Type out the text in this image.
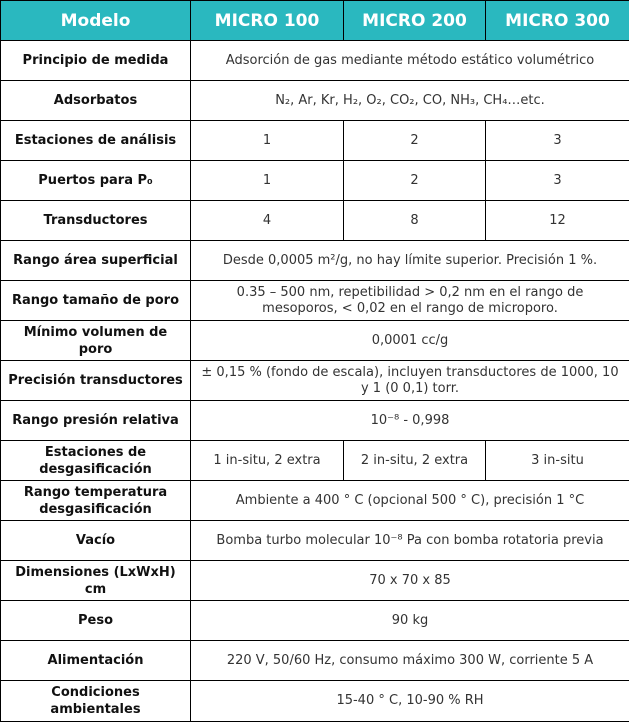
Modelo	MICRO 100	MICRO 200	MICRO 300
Principio de medida	Adsorción de gas mediante método estático volumétrico		
Adsorbatos	N₂, Ar, Kr, H₂, O₂, CO₂, CO, NH₃, CH₄…etc.		
Estaciones de análisis	1	2	3
Puertos para P₀	1	2	3
Transductores	4	8	12
Rango área superficial	Desde 0,0005 m²/g, no hay límite superior. Precisión 1 %.		
Rango tamaño de poro	0.35 – 500 nm, repetibilidad > 0,2 nm en el rango de mesoporos, < 0,02 en el rango de microporo.		
Mínimo volumen de poro	0,0001 cc/g		
Precisión transductores	± 0,15 % (fondo de escala), incluyen transductores de 1000, 10 y 1 (0 0,1) torr.		
Rango presión relativa	10⁻⁸ - 0,998		
Estaciones de desgasificación	1 in-situ, 2 extra	2 in-situ, 2 extra	3 in-situ
Rango temperatura desgasificación	Ambiente a 400 ° C (opcional 500 ° C), precisión 1 °C		
Vacío	Bomba turbo molecular 10⁻⁸ Pa con bomba rotatoria previa		
Dimensiones (LxWxH) cm	70 x 70 x 85		
Peso	90 kg		
Alimentación	220 V, 50/60 Hz, consumo máximo 300 W, corriente 5 A		
Condiciones ambientales	15-40 ° C, 10-90 % RH		
